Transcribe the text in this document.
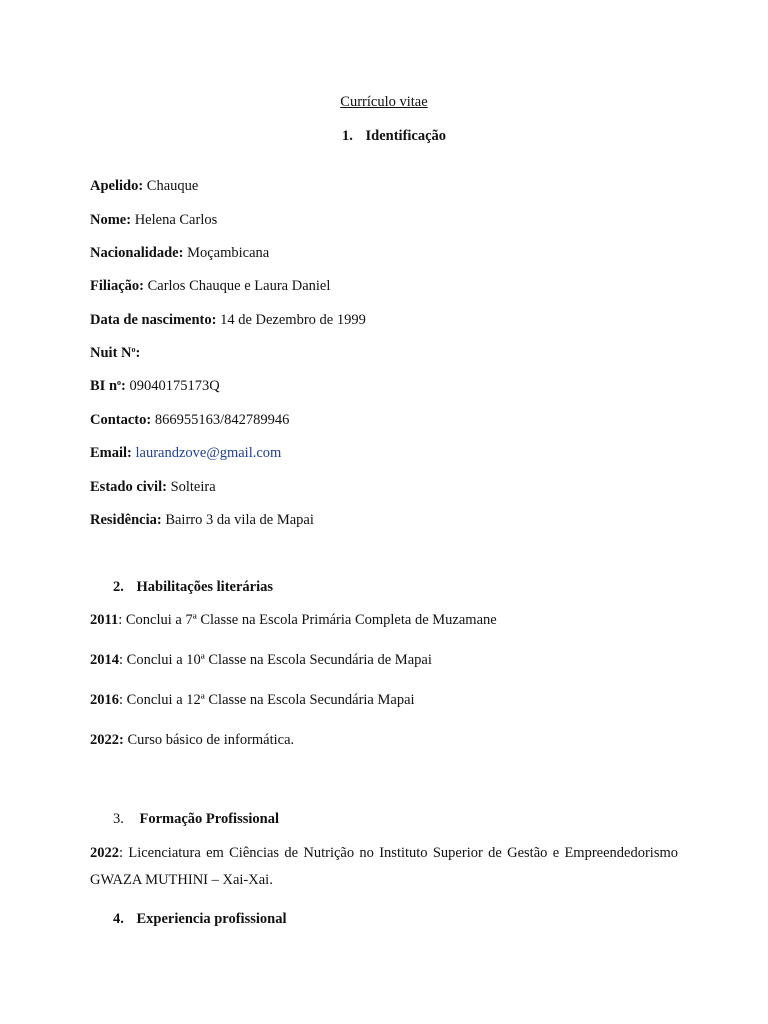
Currículo vitae
1. Identificação
Apelido: Chauque
Nome: Helena Carlos
Nacionalidade: Moçambicana
Filiação: Carlos Chauque e Laura Daniel
Data de nascimento: 14 de Dezembro de 1999
Nuit $N^o$:
BI $n^o$: 09040175173Q
Contacto: 866955163/842789946
Email: laurandzove@gmail.com
Estado civil: Solteira
Residência: Bairro 3 da vila de Mapai
2. Habilitações literárias
2011: Conclui a 7ª Classe na Escola Primária Completa de Muzamane
2014: Conclui a 10ª Classe na Escola Secundária de Mapai
2016: Conclui a 12ª Classe na Escola Secundária Mapai
2022: Curso básico de informática.
3. Formação Profissional
2022: Licenciatura em Ciências de Nutrição no Instituto Superior de Gestão e Empreendedorismo GWAZA MUTHINI – Xai-Xai.
4. Experiencia profissional
